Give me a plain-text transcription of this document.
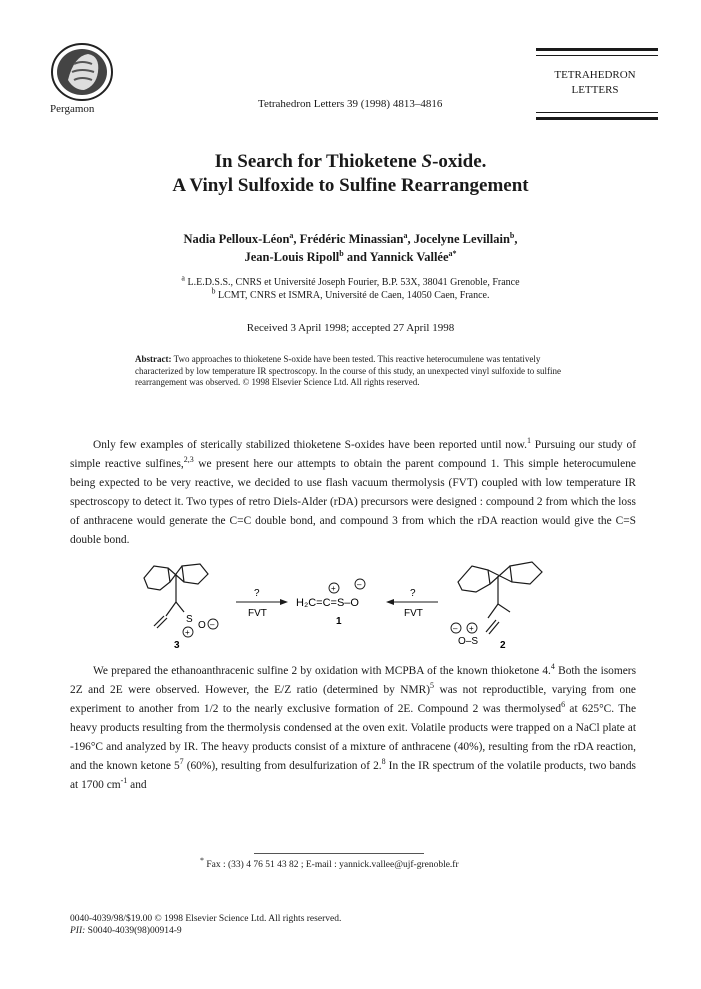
Pergamon	Tetrahedron Letters 39 (1998) 4813–4816
TETRAHEDRON
LETTERS
In Search for Thioketene S-oxide.
A Vinyl Sulfoxide to Sulfine Rearrangement
Nadia Pelloux-Léon$^a$, Frédéric Minassian$^a$, Jocelyne Levillain$^b$,
Jean-Louis Ripoll$^b$ and Yannick Vallée$^{a*}$
$^a$ L.E.D.S.S., CNRS et Université Joseph Fourier, B.P. 53X, 38041 Grenoble, France
$^b$ LCMT, CNRS et ISMRA, Université de Caen, 14050 Caen, France.
Received 3 April 1998; accepted 27 April 1998
Abstract: Two approaches to thioketene S-oxide have been tested. This reactive heterocumulene was tentatively characterized by low temperature IR spectroscopy. In the course of this study, an unexpected vinyl sulfoxide to sulfine rearrangement was observed. © 1998 Elsevier Science Ltd. All rights reserved.
Only few examples of sterically stabilized thioketene S-oxides have been reported until now.$^1$ Pursuing our study of simple reactive sulfines,$^{2,3}$ we present here our attempts to obtain the parent compound 1. This simple heterocumulene being expected to be very reactive, we decided to use flash vacuum thermolysis (FVT) coupled with low temperature IR spectroscopy to detect it. Two types of retro Diels-Alder (rDA) precursors were designed : compound 2 from which the loss of anthracene would generate the C=C double bond, and compound 3 from which the rDA reaction would give the C=S double bond.
S
O
+
–
3
?
FVT
+	–
H₂C=C=S–O
1
?
FVT
– +
O–S 2
We prepared the ethanoanthracenic sulfine 2 by oxidation with MCPBA of the known thioketone 4.$^4$ Both the isomers 2Z and 2E were observed. However, the E/Z ratio (determined by NMR)$^5$ was not reproductible, varying from one experiment to another from 1/2 to the nearly exclusive formation of 2E. Compound 2 was thermolysed$^6$ at 625°C. The heavy products resulting from the thermolysis condensed at the oven exit. Volatile products were trapped on a NaCl plate at -196°C and analyzed by IR. The heavy products consist of a mixture of anthracene (40%), resulting from the rDA reaction, and the known ketone $5^7$ (60%), resulting from desulfurization of 2.$^8$ In the IR spectrum of the volatile products, two bands at 1700 $cm^{-1}$ and
* Fax : (33) 4 76 51 43 82 ; E-mail : yannick.vallee@ujf-grenoble.fr
0040-4039/98/$19.00 © 1998 Elsevier Science Ltd. All rights reserved.
PII: S0040-4039(98)00914-9
